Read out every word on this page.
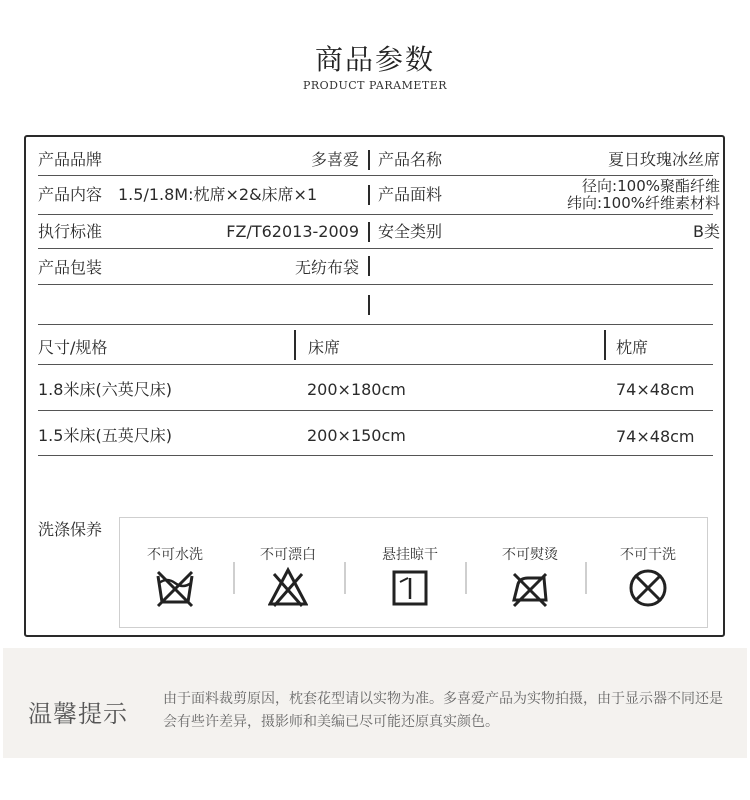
商品参数
PRODUCT PARAMETER
产品品牌	多喜爱 产品名称	夏日玫瑰冰丝席
产品内容 1.5/1.8M:枕席×2&床席×1	产品面料	径向:100%聚酯纤维
纬向:100%纤维素材料
执行标准	FZ/T62013-2009 安全类别	B类
产品包装	无纺布袋
尺寸/规格	床席	枕席
1.8米床(六英尺床)	200×180cm	74×48cm
1.5米床(五英尺床)	200×150cm	74×48cm
洗涤保养
不可水洗	不可漂白	悬挂晾干	不可熨烫	不可干洗
温馨提示
由于面料裁剪原因，枕套花型请以实物为准。多喜爱产品为实物拍摄，由于显示器不同还是会有些许差异，摄影师和美编已尽可能还原真实颜色。
